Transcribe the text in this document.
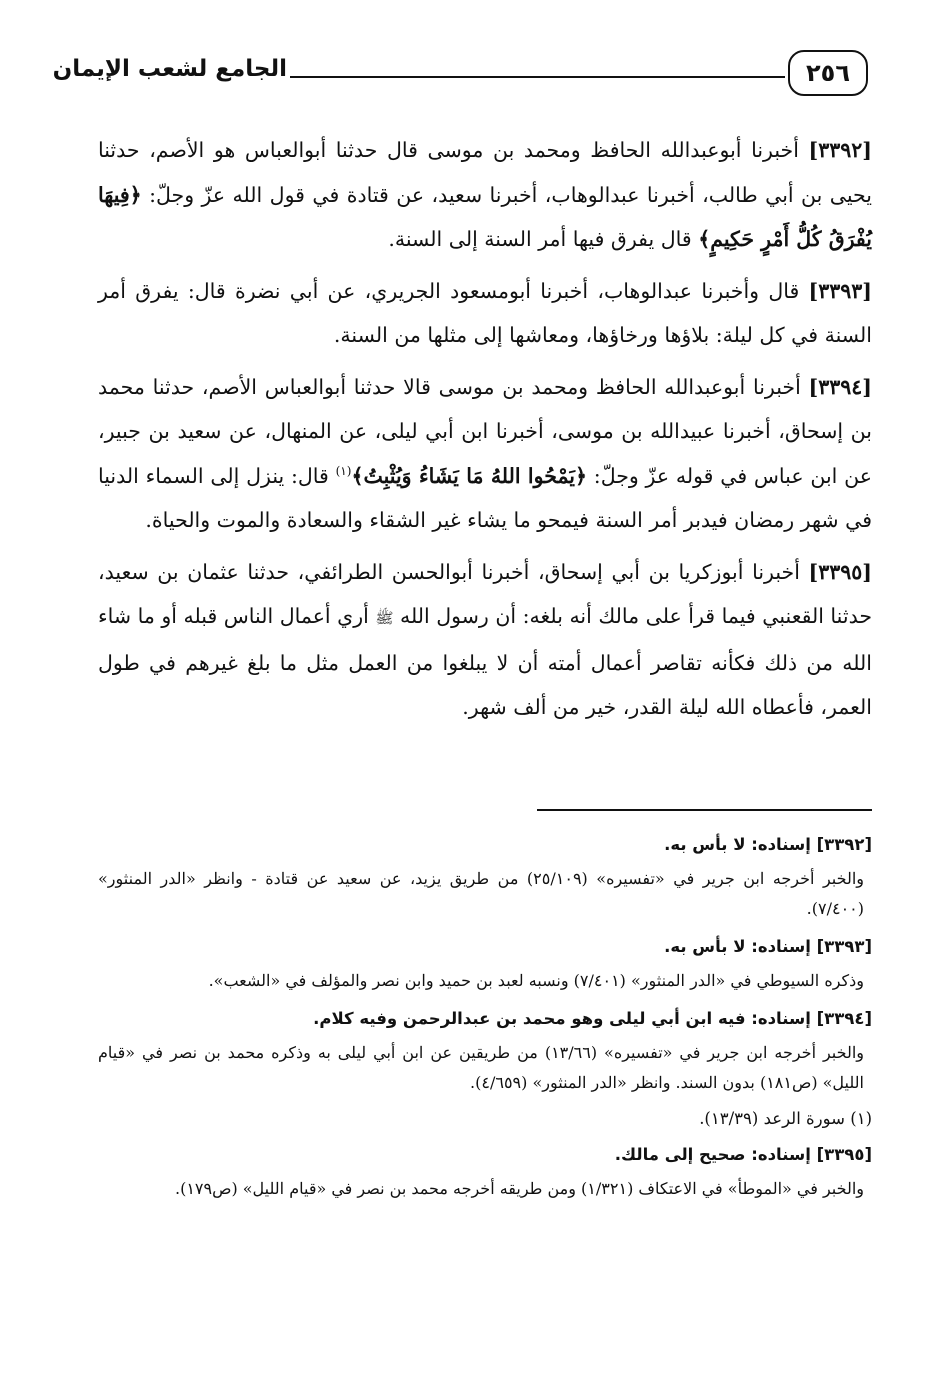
٢٥٦
الجامع لشعب الإيمان

[٣٣٩٢] أخبرنا أبوعبدالله الحافظ ومحمد بن موسى قال حدثنا أبوالعباس هو الأصم، حدثنا يحيى بن أبي طالب، أخبرنا عبدالوهاب، أخبرنا سعيد، عن قتادة في قول الله عزّ وجلّ: ﴿فِيهَا يُفْرَقُ كُلُّ أَمْرٍ حَكِيمٍ﴾ قال يفرق فيها أمر السنة إلى السنة.

[٣٣٩٣] قال وأخبرنا عبدالوهاب، أخبرنا أبومسعود الجريري، عن أبي نضرة قال: يفرق أمر السنة في كل ليلة: بلاؤها ورخاؤها، ومعاشها إلى مثلها من السنة.

[٣٣٩٤] أخبرنا أبوعبدالله الحافظ ومحمد بن موسى قالا حدثنا أبوالعباس الأصم، حدثنا محمد بن إسحاق، أخبرنا عبيدالله بن موسى، أخبرنا ابن أبي ليلى، عن المنهال، عن سعيد بن جبير، عن ابن عباس في قوله عزّ وجلّ: ﴿يَمْحُوا اللهُ مَا يَشَاءُ وَيُثْبِتُ﴾$^{(١)}$ قال: ينزل إلى السماء الدنيا في شهر رمضان فيدبر أمر السنة فيمحو ما يشاء غير الشقاء والسعادة والموت والحياة.

[٣٣٩٥] أخبرنا أبوزكريا بن أبي إسحاق، أخبرنا أبوالحسن الطرائفي، حدثنا عثمان بن سعيد، حدثنا القعنبي فيما قرأ على مالك أنه بلغه: أن رسول الله ﷺ أري أعمال الناس قبله أو ما شاء الله من ذلك فكأنه تقاصر أعمال أمته أن لا يبلغوا من العمل مثل ما بلغ غيرهم في طول العمر، فأعطاه الله ليلة القدر، خير من ألف شهر.

[٣٣٩٢] إسناده: لا بأس به.

والخبر أخرجه ابن جرير في «تفسيره» (٢٥/١٠٩) من طريق يزيد، عن سعيد عن قتادة - وانظر «الدر المنثور» (٧/٤٠٠).

[٣٣٩٣] إسناده: لا بأس به.

وذكره السيوطي في «الدر المنثور» (٧/٤٠١) ونسبه لعبد بن حميد وابن نصر والمؤلف في «الشعب».

[٣٣٩٤] إسناده: فيه ابن أبي ليلى وهو محمد بن عبدالرحمن وفيه كلام.

والخبر أخرجه ابن جرير في «تفسيره» (١٣/٦٦) من طريقين عن ابن أبي ليلى به وذكره محمد بن نصر في «قيام الليل» (ص١٨١) بدون السند. وانظر «الدر المنثور» (٤/٦٥٩).

(١) سورة الرعد (١٣/٣٩).

[٣٣٩٥] إسناده: صحيح إلى مالك.

والخبر في «الموطأ» في الاعتكاف (١/٣٢١) ومن طريقه أخرجه محمد بن نصر في «قيام الليل» (ص١٧٩).
